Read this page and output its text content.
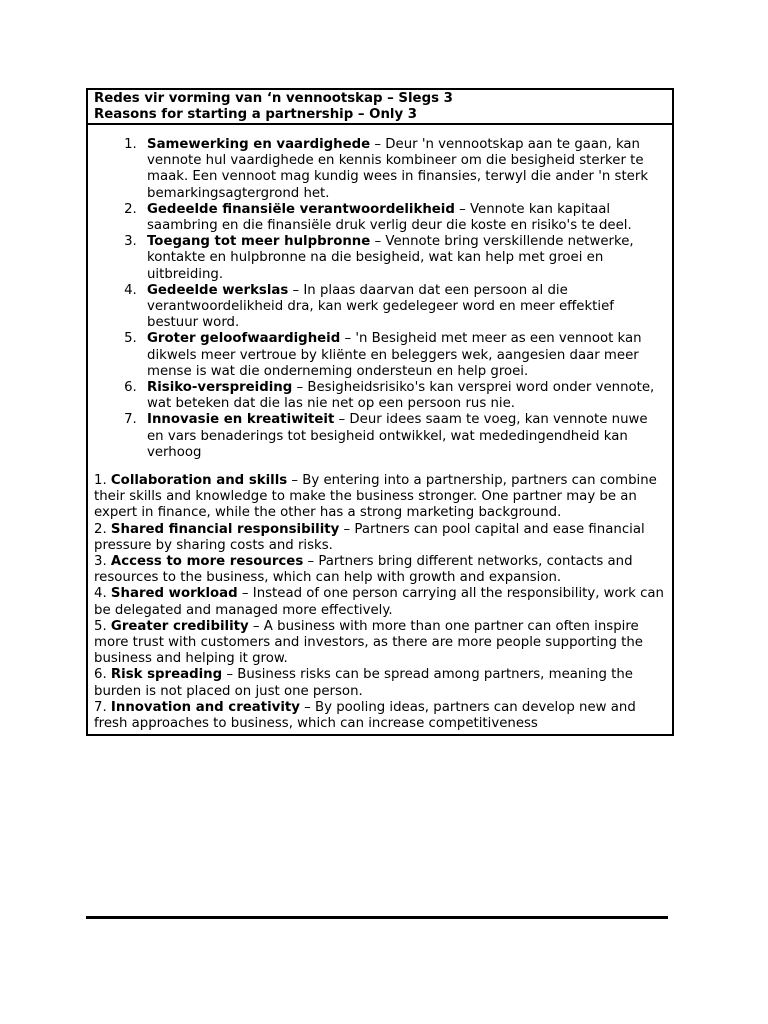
Redes vir vorming van ‘n vennootskap – Slegs 3
Reasons for starting a partnership – Only 3
1. Samewerking en vaardighede – Deur 'n vennootskap aan te gaan, kan vennote hul vaardighede en kennis kombineer om die besigheid sterker te maak. Een vennoot mag kundig wees in finansies, terwyl die ander 'n sterk bemarkingsagtergrond het.
2. Gedeelde finansiële verantwoordelikheid – Vennote kan kapitaal saambring en die finansiële druk verlig deur die koste en risiko's te deel.
3. Toegang tot meer hulpbronne – Vennote bring verskillende netwerke, kontakte en hulpbronne na die besigheid, wat kan help met groei en uitbreiding.
4. Gedeelde werkslas – In plaas daarvan dat een persoon al die verantwoordelikheid dra, kan werk gedelegeer word en meer effektief bestuur word.
5. Groter geloofwaardigheid – 'n Besigheid met meer as een vennoot kan dikwels meer vertroue by kliënte en beleggers wek, aangesien daar meer mense is wat die onderneming ondersteun en help groei.
6. Risiko-verspreiding – Besigheidsrisiko's kan versprei word onder vennote, wat beteken dat die las nie net op een persoon rus nie.
7. Innovasie en kreatiwiteit – Deur idees saam te voeg, kan vennote nuwe en vars benaderings tot besigheid ontwikkel, wat mededingendheid kan verhoog

1. Collaboration and skills – By entering into a partnership, partners can combine their skills and knowledge to make the business stronger. One partner may be an expert in finance, while the other has a strong marketing background.

2. Shared financial responsibility – Partners can pool capital and ease financial pressure by sharing costs and risks.

3. Access to more resources – Partners bring different networks, contacts and resources to the business, which can help with growth and expansion.

4. Shared workload – Instead of one person carrying all the responsibility, work can be delegated and managed more effectively.

5. Greater credibility – A business with more than one partner can often inspire more trust with customers and investors, as there are more people supporting the business and helping it grow.

6. Risk spreading – Business risks can be spread among partners, meaning the burden is not placed on just one person.

7. Innovation and creativity – By pooling ideas, partners can develop new and fresh approaches to business, which can increase competitiveness
